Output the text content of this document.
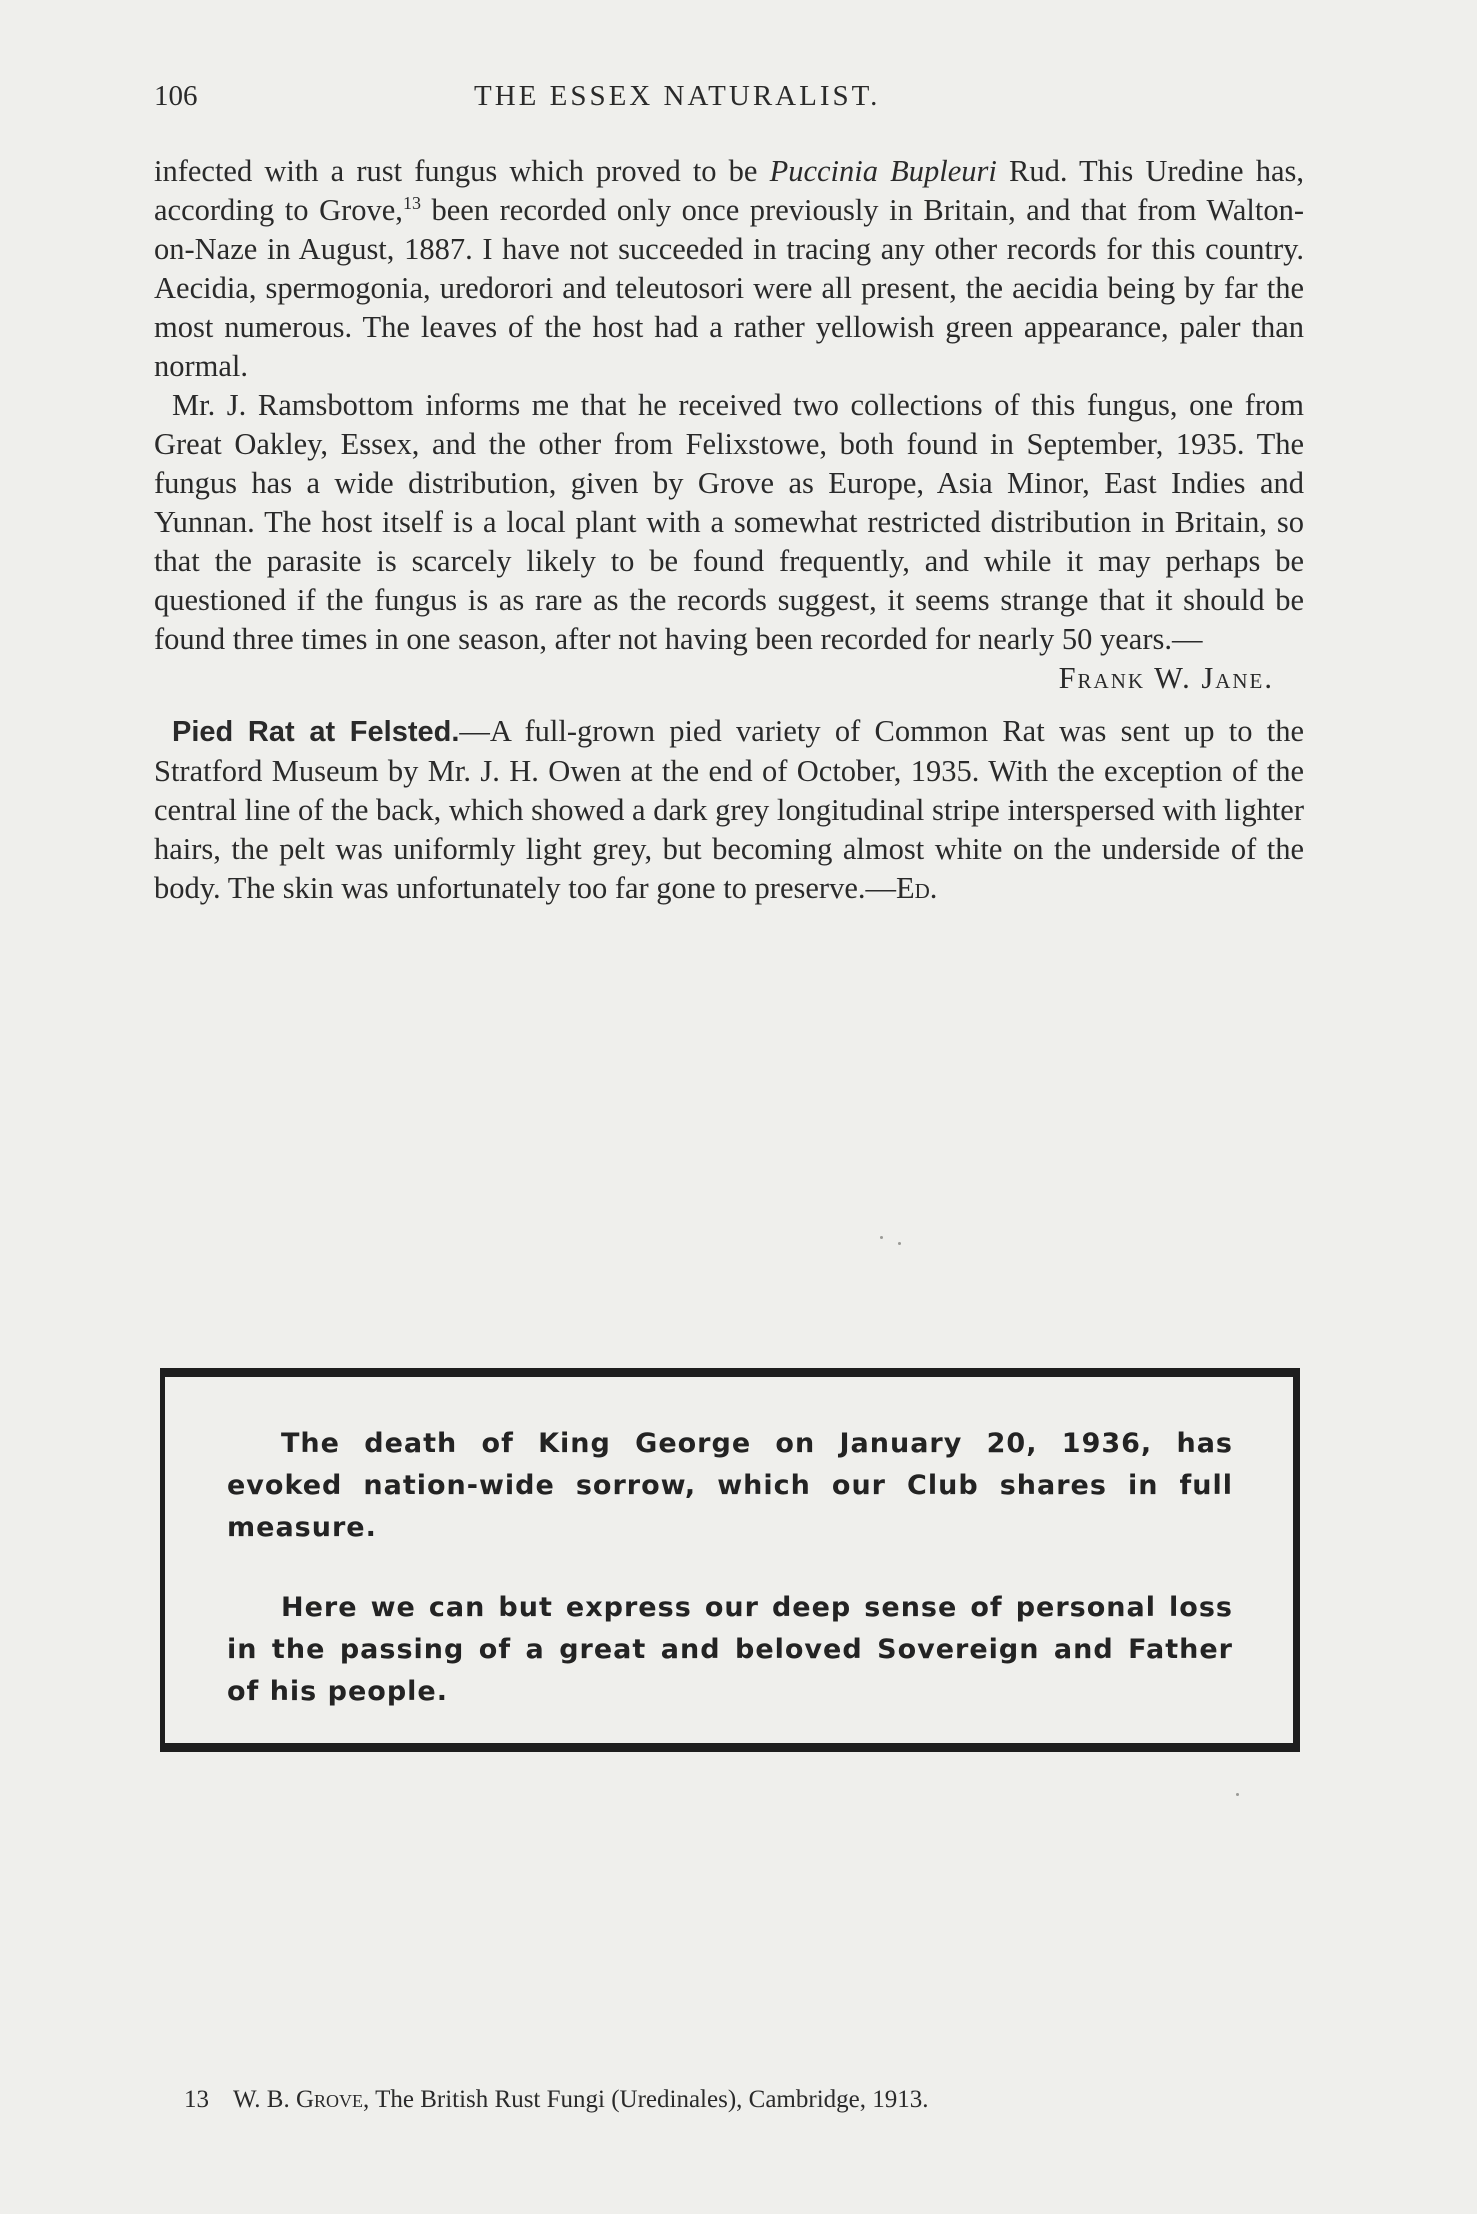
106	THE ESSEX NATURALIST.

infected with a rust fungus which proved to be Puccinia Bupleuri Rud. This Uredine has, according to Grove,$^{13}$ been recorded only once previously in Britain, and that from Walton-on-Naze in August, 1887. I have not succeeded in tracing any other records for this country. Aecidia, spermogonia, uredorori and teleutosori were all present, the aecidia being by far the most numerous. The leaves of the host had a rather yellowish green appearance, paler than normal.

Mr. J. Ramsbottom informs me that he received two collections of this fungus, one from Great Oakley, Essex, and the other from Felixstowe, both found in September, 1935. The fungus has a wide distribution, given by Grove as Europe, Asia Minor, East Indies and Yunnan. The host itself is a local plant with a somewhat restricted distribution in Britain, so that the parasite is scarcely likely to be found frequently, and while it may perhaps be questioned if the fungus is as rare as the records suggest, it seems strange that it should be found three times in one season, after not having been recorded for nearly 50 years.—

Frank W. Jane.

Pied Rat at Felsted.—A full-grown pied variety of Common Rat was sent up to the Stratford Museum by Mr. J. H. Owen at the end of October, 1935. With the exception of the central line of the back, which showed a dark grey longitudinal stripe interspersed with lighter hairs, the pelt was uniformly light grey, but becoming almost white on the underside of the body. The skin was unfortunately too far gone to preserve.—Ed.

The death of King George on January 20, 1936, has evoked nation-wide sorrow, which our Club shares in full measure.

Here we can but express our deep sense of personal loss in the passing of a great and beloved Sovereign and Father of his people.

13 W. B. Grove, The British Rust Fungi (Uredinales), Cambridge, 1913.
